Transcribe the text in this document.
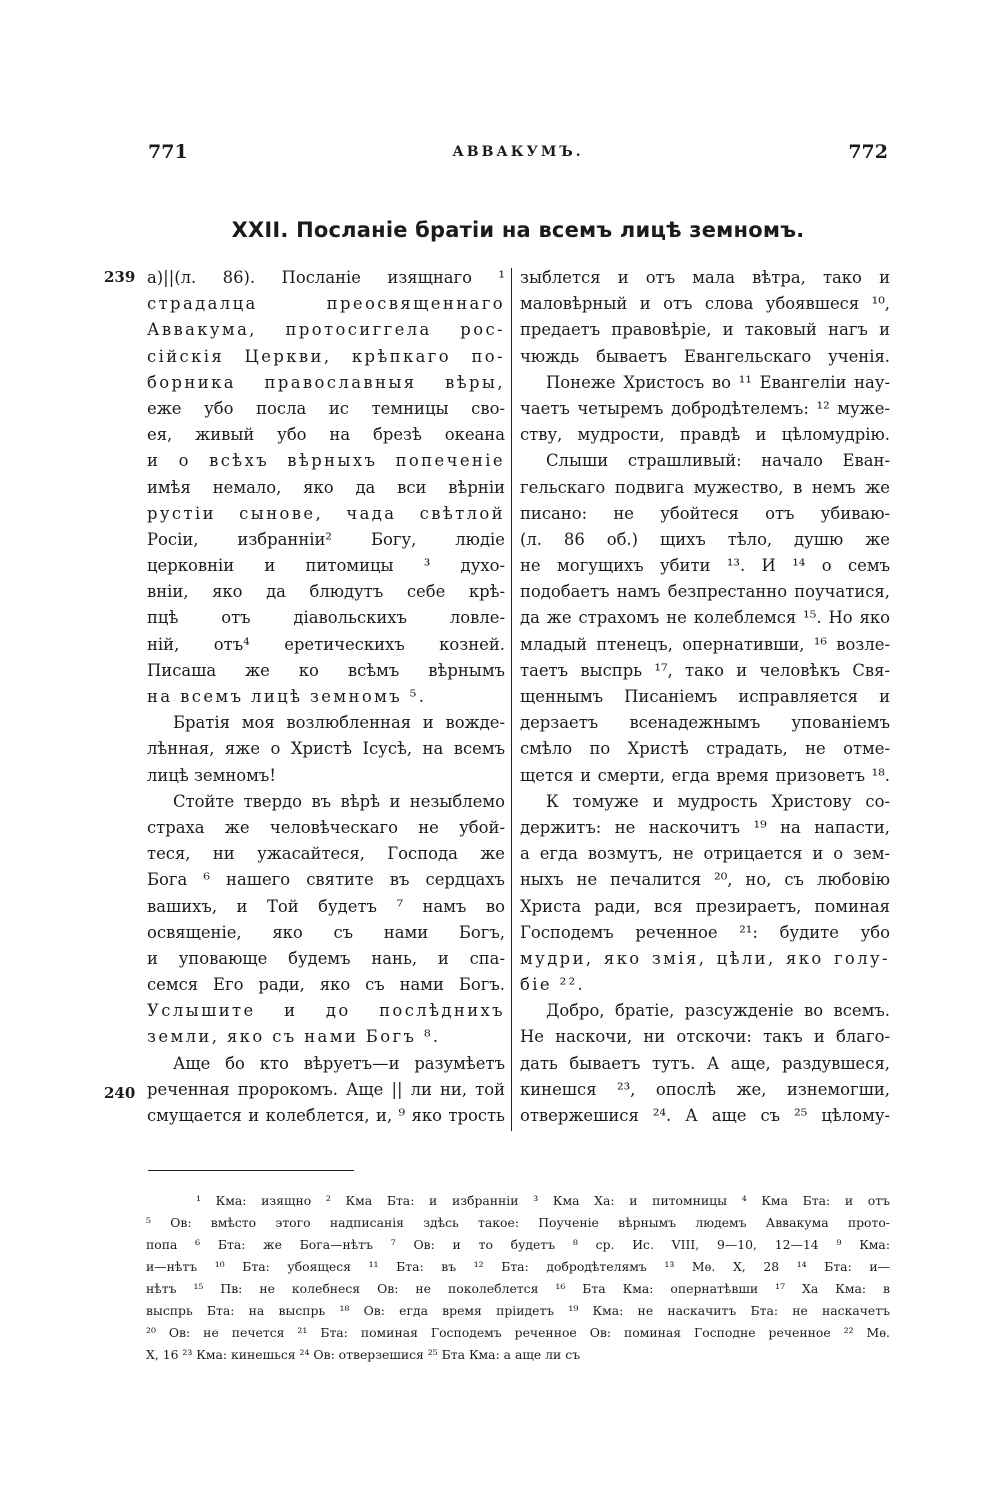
771	АВВАКУМЪ.	772
XXII. Посланіе братіи на всемъ лицѣ земномъ.
239
240
а)||(л. 86). Посланіе изящнаго ¹
страдалца преосвященнаго
Аввакума, протосиггела рос-
сійскія Церкви, крѣпкаго по-
борника православныя вѣры,
еже убо посла ис темницы сво-
ея, живый убо на брезѣ океана
и о всѣхъ вѣрныхъ попеченіе
имѣя немало, яко да вси вѣрніи
рустіи сынове, чада свѣтлой
Росіи, избранніи² Богу, людіе
церковніи и питомицы ³ духо-
вніи, яко да блюдутъ себе крѣ-
пцѣ отъ діавольскихъ ловле-
ній, отъ⁴ еретическихъ козней.
Писаша же ко всѣмъ вѣрнымъ
на всемъ лицѣ земномъ ⁵.
Братія моя возлюбленная и вожде-
лѣнная, яже о Христѣ Ісусѣ, на всемъ
лицѣ земномъ!
Стойте твердо въ вѣрѣ и незыблемо
страха же человѣческаго не убой-
теся, ни ужасайтеся, Господа же
Бога ⁶ нашего святите въ сердцахъ
вашихъ, и Той будетъ ⁷ намъ во
освященіе, яко съ нами Богъ,
и уповающе будемъ нань, и спа-
семся Его ради, яко съ нами Богъ.
Услышите и до послѣднихъ
земли, яко съ нами Богъ ⁸.
Аще бо кто вѣруетъ—и разумѣетъ
реченная пророкомъ. Аще || ли ни, той
смущается и колеблется, и, ⁹ яко трость
зыблется и отъ мала вѣтра, тако и
маловѣрный и отъ слова убоявшеся ¹⁰,
предаетъ правовѣріе, и таковый нагъ и
чюждь бываетъ Евангельскаго ученія.
Понеже Христосъ во ¹¹ Евангеліи нау-
чаетъ четыремъ добродѣтелемъ: ¹² муже-
ству, мудрости, правдѣ и цѣломудрію.
Слыши страшливый: начало Еван-
гельскаго подвига мужество, в немъ же
писано: не убойтеся отъ убиваю-
(л. 86 об.) щихъ тѣло, душю же
не могущихъ убити ¹³. И ¹⁴ о семъ
подобаетъ намъ безпрестанно поучатися,
да же страхомъ не колеблемся ¹⁵. Но яко
младый птенецъ, опернативши, ¹⁶ возле-
таетъ выспрь ¹⁷, тако и человѣкъ Свя-
щеннымъ Писаніемъ исправляется и
дерзаетъ всенадежнымъ упованіемъ
смѣло по Христѣ страдать, не отме-
щется и смерти, егда время призоветъ ¹⁸.
К томуже и мудрость Христову со-
держитъ: не наскочитъ ¹⁹ на напасти,
а егда возмутъ, не отрицается и о зем-
ныхъ не печалится ²⁰, но, съ любовію
Христа ради, вся презираетъ, поминая
Господемъ реченное ²¹: будите убо
мудри, яко змія, цѣли, яко голу-
біе ²².
Добро, братіе, разсужденіе во всемъ.
Не наскочи, ни отскочи: такъ и благо-
дать бываетъ тутъ. А аще, раздувшеся,
кинешся ²³, опослѣ же, изнемогши,
отвержешися ²⁴. А аще съ ²⁵ цѣлому-
¹ Кма: изящно ² Кма Бта: и избранніи ³ Кма Ха: и питомницы ⁴ Кма Бта: и отъ
⁵ Ов: вмѣсто этого надписанія здѣсь такое: Поученіе вѣрнымъ людемъ Аввакума прото-
попа ⁶ Бта: же Бога—нѣтъ ⁷ Ов: и то будетъ ⁸ ср. Ис. VIII, 9—10, 12—14 ⁹ Кма:
и—нѣтъ ¹⁰ Бта: убоящеся ¹¹ Бта: въ ¹² Бта: добродѣтелямъ ¹³ Мѳ. X, 28 ¹⁴ Бта: и—
нѣтъ ¹⁵ Пв: не колебнеся Ов: не поколеблется ¹⁶ Бта Кма: опернатѣвши ¹⁷ Ха Кма: в
выспрь Бта: на выспрь ¹⁸ Ов: егда время пріидетъ ¹⁹ Кма: не наскачитъ Бта: не наскачетъ
²⁰ Ов: не печется ²¹ Бта: поминая Господемъ реченное Ов: поминая Господне реченное ²² Мѳ.
X, 16 ²³ Кма: кинешься ²⁴ Ов: отверзешися ²⁵ Бта Кма: а аще ли съ
